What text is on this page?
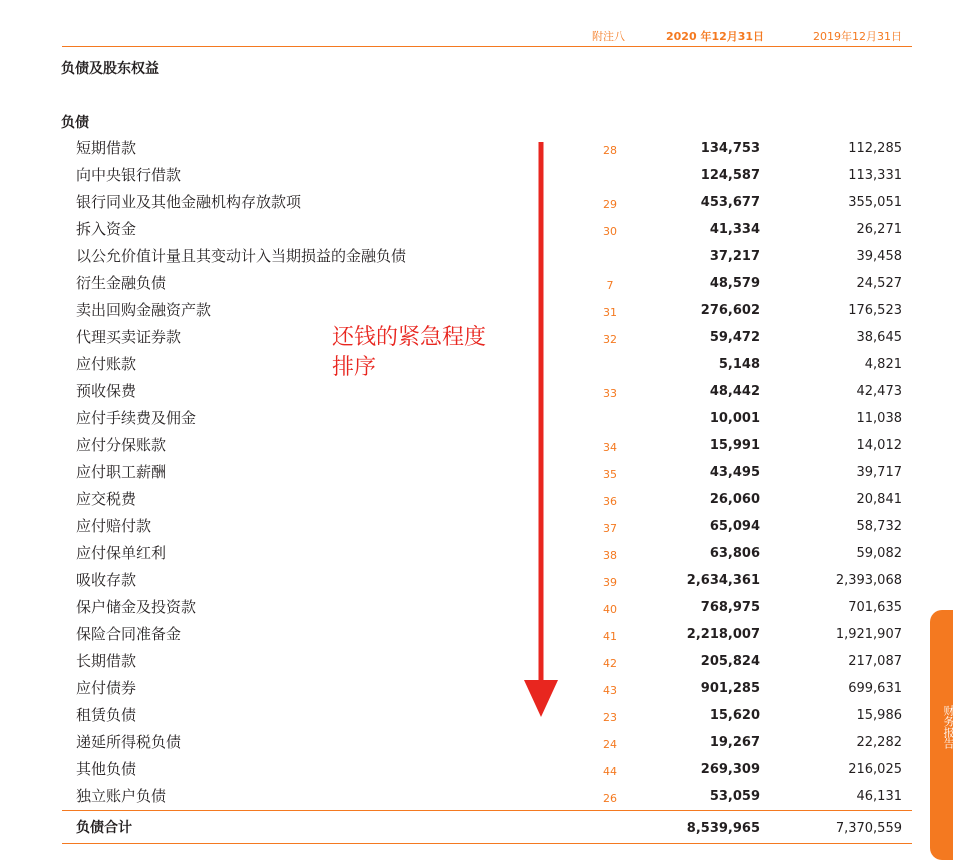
附注八	2020 年12月31日	2019年12月31日
负债及股东权益
负债
短期借款	28	134,753	112,285
向中央银行借款	124,587	113,331
银行同业及其他金融机构存放款项	29	453,677	355,051
拆入资金	30	41,334	26,271
以公允价值计量且其变动计入当期损益的金融负债	37,217	39,458
衍生金融负债	7	48,579	24,527
卖出回购金融资产款	31	276,602	176,523
代理买卖证券款	32	59,472	38,645
应付账款	5,148	4,821
预收保费	33	48,442	42,473
应付手续费及佣金	10,001	11,038
应付分保账款	34	15,991	14,012
应付职工薪酬	35	43,495	39,717
应交税费	36	26,060	20,841
应付赔付款	37	65,094	58,732
应付保单红利	38	63,806	59,082
吸收存款	39	2,634,361	2,393,068
保户储金及投资款	40	768,975	701,635
保险合同准备金	41	2,218,007	1,921,907
长期借款	42	205,824	217,087
应付债券	43	901,285	699,631
租赁负债	23	15,620	15,986
递延所得税负债	24	19,267	22,282
其他负债	44	269,309	216,025
独立账户负债	26	53,059	46,131
负债合计	8,539,965	7,370,559
还钱的紧急程度
排序
财务报告
